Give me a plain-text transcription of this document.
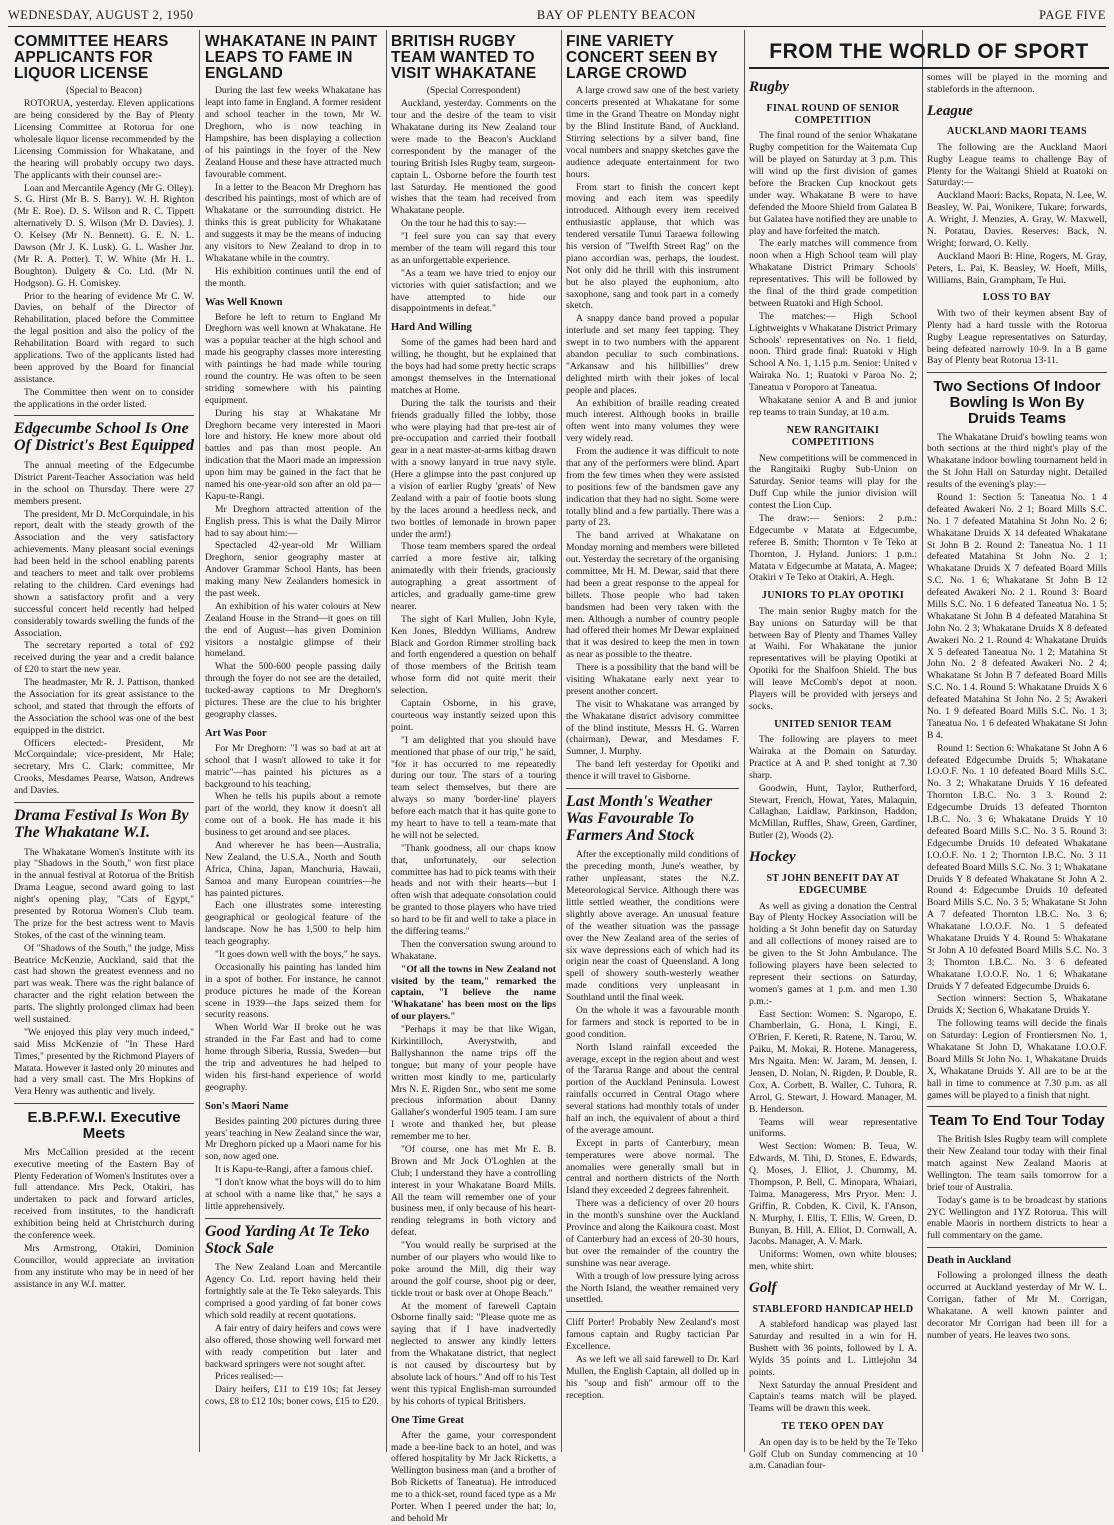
WEDNESDAY, AUGUST 2, 1950	BAY OF PLENTY BEACON	PAGE FIVE
COMMITTEE HEARS APPLICANTS FOR LIQUOR LICENSE

(Special to Beacon)

ROTORUA, yesterday. Eleven applications are being considered by the Bay of Plenty Licensing Committee at Rotorua for one wholesale liquor license recommended by the Licensing Commission for Whakatane, and the hearing will probably occupy two days. The applicants with their counsel are:-

Loan and Mercantile Agency (Mr G. Olley). S. G. Hirst (Mr B. S. Barry). W. H. Righton (Mr E. Roe). D. S. Wilson and R. C. Tippett alternatively D. S. Wilson (Mr D. Davies). J. O. Kelsey (Mr N. Bennett). G. E. N. L. Dawson (Mr J. K. Lusk). G. L. Washer Jnr. (Mr R. A. Potter). T. W. White (Mr H. L. Boughton). Dulgety & Co. Ltd. (Mr N. Hodgson). G. H. Comiskey.

Prior to the hearing of evidence Mr C. W. Davies, on behalf of the Director of Rehabilitation, placed before the Committee the legal position and also the policy of the Rehabilitation Board with regard to such applications. Two of the applicants listed had been approved by the Board for financial assistance.

The Committee then went on to consider the applications in the order listed.

Edgecumbe School Is One Of District's Best Equipped

The annual meeting of the Edgecumbe District Parent-Teacher Association was held in the school on Thursday. There were 27 members present.

The president, Mr D. McCorquindale, in his report, dealt with the steady growth of the Association and the very satisfactory achievements. Many pleasant social evenings had been held in the school enabling parents and teachers to meet and talk over problems relating to the children. Card evenings had shown a satisfactory profit and a very successful concert held recently had helped considerably towards swelling the funds of the Association.

The secretary reported a total of £92 received during the year and a credit balance of £20 to start the new year.

The headmaster, Mr R. J. Pattison, thanked the Association for its great assistance to the school, and stated that through the efforts of the Association the school was one of the best equipped in the district.

Officers elected:- President, Mr McCorquindale; vice-president, Mr Hale; secretary, Mrs C. Clark; committee, Mr Crooks, Mesdames Pearse, Watson, Andrews and Davies.

Drama Festival Is Won By The Whakatane W.I.

The Whakatane Women's Institute with its play "Shadows in the South," won first place in the annual festival at Rotorua of the British Drama League, second award going to last night's opening play, "Cats of Egypt," presented by Rotorua Women's Club team. The prize for the best actress went to Mavis Stokes, of the cast of the winning team.

Of "Shadows of the South," the judge, Miss Beatrice McKenzie, Auckland, said that the cast had shown the greatest evenness and no part was weak. There was the right balance of character and the right relation between the parts. The slightly prolonged climax had been well sustained.

"We enjoyed this play very much indeed," said Miss McKenzie of "In These Hard Times," presented by the Richmond Players of Matata. However it lasted only 20 minutes and had a very small cast. The Mrs Hopkins of Vera Henry was authentic and lively.

E.B.P.F.W.I. Executive Meets

Mrs McCallion presided at the recent executive meeting of the Eastern Bay of Plenty Federation of Women's Institutes over a full attendance. Mrs Peck, Otakiri, has undertaken to pack and forward articles, received from institutes, to the handicraft exhibition being held at Christchurch during the conference week.

Mrs Armstrong, Otakiri, Dominion Councillor, would appreciate an invitation from any institute who may be in need of her assistance in any W.I. matter.

WHAKATANE IN PAINT LEAPS TO FAME IN ENGLAND

During the last few weeks Whakatane has leapt into fame in England. A former resident and school teacher in the town, Mr W. Dreghorn, who is now teaching in Hampshire, has been displaying a collection of his paintings in the foyer of the New Zealand House and these have attracted much favourable comment.

In a letter to the Beacon Mr Dreghorn has described his paintings, most of which are of Whakatane or the surrounding district. He thinks this is great publicity for Whakatane and suggests it may be the means of inducing any visitors to New Zealand to drop in to Whakatane while in the country.

His exhibition continues until the end of the month.

Was Well Known

Before he left to return to England Mr Dreghorn was well known at Whakatane. He was a popular teacher at the high school and made his geography classes more interesting with paintings he had made while touring round the country. He was often to be seen striding somewhere with his painting equipment.

During his stay at Whakatane Mr Dreghorn became very interested in Maori lore and history. He knew more about old battles and pas than most people. An indication that the Maori made an impression upon him may be gained in the fact that he named his one-year-old son after an old pa—Kapu-te-Rangi.

Mr Dreghorn attracted attention of the English press. This is what the Daily Mirror had to say about him:—

Spectacled 42-year-old Mr William Dreghorn, senior geography master at Andover Grammar School Hants, has been making many New Zealanders homesick in the past week.

An exhibition of his water colours at New Zealand House in the Strand—it goes on till the end of August—has given Dominion visitors a nostalgic glimpse of their homeland.

What the 500-600 people passing daily through the foyer do not see are the detailed, tucked-away captions to Mr Dreghorn's pictures. These are the clue to his brighter geography classes.

Art Was Poor

For Mr Dreghorn: "I was so bad at art at school that I wasn't allowed to take it for matric"—has painted his pictures as a background to his teaching.

When he tells his pupils about a remote part of the world, they know it doesn't all come out of a book. He has made it his business to get around and see places.

And wherever he has been—Australia, New Zealand, the U.S.A., North and South Africa, China, Japan, Manchuria, Hawaii, Samoa and many European countries—he has painted pictures.

Each one illustrates some interesting geographical or geological feature of the landscape. Now he has 1,500 to help him teach geography.

"It goes down well with the boys," he says.

Occasionally his painting has landed him in a spot of bother. For instance, he cannot produce pictures he made of the Korean scene in 1939—the Japs seized them for security reasons.

When World War II broke out he was stranded in the Far East and had to come home through Siberia, Russia, Sweden—but the trip and adventures he had helped to widen his first-hand experience of world geography.

Son's Maori Name

Besides painting 200 pictures during three years' teaching in New Zealand since the war, Mr Dreghorn picked up a Maori name for his son, now aged one.

It is Kapu-te-Rangi, after a famous chief.

"I don't know what the boys will do to him at school with a name like that," he says a little apprehensively.

Good Yarding At Te Teko Stock Sale

The New Zealand Loan and Mercantile Agency Co. Ltd. report having held their fortnightly sale at the Te Teko saleyards. This comprised a good yarding of fat boner cows which sold readily at recent quotations.

A fair entry of dairy heifers and cows were also offered, those showing well forward met with ready competition but later and backward springers were not sought after.

Prices realised:—

Dairy heifers, £11 to £19 10s; fat Jersey cows, £8 to £12 10s; boner cows, £15 to £20.

BRITISH RUGBY TEAM WANTED TO VISIT WHAKATANE

(Special Correspondent)

Auckland, yesterday. Comments on the tour and the desire of the team to visit Whakatane during its New Zealand tour were made to the Beacon's Auckland correspondent by the manager of the touring British Isles Rugby team, surgeon-captain L. Osborne before the fourth test last Saturday. He mentioned the good wishes that the team had received from Whakatane people.

On the tour he had this to say:—

"I feel sure you can say that every member of the team will regard this tour as an unforgettable experience.

"As a team we have tried to enjoy our victories with quiet satisfaction; and we have attempted to hide our disappointments in defeat."

Hard And Willing

Some of the games had been hard and willing, he thought, but he explained that the boys had had some pretty hectic scraps amongst themselves in the International matches at Home.

During the talk the tourists and their friends gradually filled the lobby, those who were playing had that pre-test air of pre-occupation and carried their football gear in a neat master-at-arms kitbag drawn with a snowy lanyard in true navy style. (Here a glimpse into the past conjured up a vision of earlier Rugby 'greats' of New Zealand with a pair of footie boots slung by the laces around a heedless neck, and two bottles of lemonade in brown paper under the arm!)

Those team members spared the ordeal carried a more festive air, talking animatedly with their friends, graciously autographing a great assortment of articles, and gradually game-time grew nearer.

The sight of Karl Mullen, John Kyle, Ken Jones, Bleddyn Williams, Andrew Black and Gordon Rimmer strolling back and forth engendered a question on behalf of those members of the British team whose form did not quite merit their selection.

Captain Osborne, in his grave, courteous way instantly seized upon this point.

"I am delighted that you should have mentioned that phase of our trip," he said, "for it has occurred to me repeatedly during our tour. The stars of a touring team select themselves, but there are always so many 'border-line' players before each match that it has quite gone to my heart to have to tell a team-mate that he will not be selected.

"Thank goodness, all our chaps know that, unfortunately, our selection committee has had to pick teams with their heads and not with their hearts—but I often wish that adequate consolation could be granted to those players who have tried so hard to be fit and well to take a place in the differing teams."

Then the conversation swung around to Whakatane.

"Of all the towns in New Zealand not visited by the team," remarked the captain, "I believe the name 'Whakatane' has been most on the lips of our players."

"Perhaps it may be that like Wigan, Kirkintilloch, Averystwith, and Ballyshannon the name trips off the tongue; but many of your people have written most kindly to me, particularly Mrs N. E. Rigden Snr., who sent me some precious information about Danny Gallaher's wonderful 1905 team. I am sure I wrote and thanked her, but please remember me to her.

"Of course, one has met Mr E. B. Brown and Mr Jock O'Loghlen at the Club; I understand they have a controlling interest in your Whakatane Board Mills. All the team will remember one of your business men, if only because of his heart-rending telegrams in both victory and defeat.

"You would really be surprised at the number of our players who would like to poke around the Mill, dig their way around the golf course, shoot pig or deer, tickle trout or bask over at Ohope Beach."

At the moment of farewell Captain Osborne finally said: "Please quote me as saying that if I have inadvertedly neglected to answer any kindly letters from the Whakatane district, that neglect is not caused by discourtesy but by absolute lack of hours." And off to his Test went this typical English-man surrounded by his cohorts of typical Britishers.

One Time Great

After the game, your correspondent made a bee-line back to an hotel, and was offered hospitality by Mr Jack Ricketts, a Wellington business man (and a brother of Bob Ricketts of Taneatua). He introduced me to a thick-set, round faced type as a Mr Porter. When I peered under the hat; lo, and behold Mr

FINE VARIETY CONCERT SEEN BY LARGE CROWD

A large crowd saw one of the best variety concerts presented at Whakatane for some time in the Grand Theatre on Monday night by the Blind Institute Band, of Auckland. Stirring selections by a silver band, fine vocal numbers and snappy sketches gave the audience adequate entertainment for two hours.

From start to finish the concert kept moving and each item was speedily introduced. Although every item received enthusiastic applause, that which was tendered versatile Tunui Taraewa following his version of "Twelfth Street Rag" on the piano accordian was, perhaps, the loudest. Not only did he thrill with this instrument but he also played the euphonium, alto saxophone, sang and took part in a comedy sketch.

A snappy dance band proved a popular interlude and set many feet tapping. They swept in to two numbers with the apparent abandon peculiar to such combinations. "Arkansaw and his hillbillies" drew delighted mirth with their jokes of local people and places.

An exhibition of braille reading created much interest. Although books in braille often went into many volumes they were very widely read.

From the audience it was difficult to note that any of the performers were blind. Apart from the few times when they were assisted to positions few of the bandsmen gave any indication that they had no sight. Some were totally blind and a few partially. There was a party of 23.

The band arrived at Whakatane on Monday morning and members were billeted out. Yesterday the secretary of the organising committee, Mr H. M. Dewar, said that there had been a great response to the appeal for billets. Those people who had taken bandsmen had been very taken with the men. Although a number of country people had offered their homes Mr Dewar explained that it was desired to keep the men in town as near as possible to the theatre.

There is a possibility that the band will be visiting Whakatane early next year to present another concert.

The visit to Whakatane was arranged by the Whakatane district advisory committee of the blind institute, Messrs H. G. Warren (chairman), Dewar, and Mesdames F. Sumner, J. Murphy.

The band left yesterday for Opotiki and thence it will travel to Gisborne.

Last Month's Weather Was Favourable To Farmers And Stock

After the exceptionally mild conditions of the preceding month, June's weather, by rather unpleasant, states the N.Z. Meteorological Service. Although there was little settled weather, the conditions were slightly above average. An unusual feature of the weather situation was the passage over the New Zealand area of the series of six wave depressions each of which had its origin near the coast of Queensland. A long spell of showery south-westerly weather made conditions very unpleasant in Southland until the final week.

On the whole it was a favourable month for farmers and stock is reported to be in good condition.

North Island rainfall exceeded the average, except in the region about and west of the Tararua Range and about the central portion of the Auckland Peninsula. Lowest rainfalls occurred in Central Otago where several stations had monthly totals of under half an inch, the equivalent of about a third of the average amount.

Except in parts of Canterbury, mean temperatures were above normal. The anomalies were generally small but in central and northern districts of the North Island they exceeded 2 degrees fahrenheit.

There was a deficiency of over 20 hours in the month's sunshine over the Auckland Province and along the Kaikoura coast. Most of Canterbury had an excess of 20-30 hours, but over the remainder of the country the sunshine was near average.

With a trough of low pressure lying across the North Island, the weather remained very unsettled.

Cliff Porter! Probably New Zealand's most famous captain and Rugby tactician Par Excellence.

As we left we all said farewell to Dr. Karl Mullen, the English Captain, all dolled up in his "soup and fish" armour off to the reception.

FROM THE WORLD OF SPORT
Rugby
FINAL ROUND OF SENIOR COMPETITION

The final round of the senior Whakatane Rugby competition for the Waitemata Cup will be played on Saturday at 3 p.m. This will wind up the first division of games before the Bracken Cup knockout gets under way. Whakatane B were to have defended the Moore Shield from Galatea B but Galatea have notified they are unable to play and have forfeited the match.

The early matches will commence from noon when a High School team will play Whakatane District Primary Schools' representatives. This will be followed by the final of the third grade competition between Ruatoki and High School.

The matches:— High School Lightweights v Whakatane District Primary Schools' representatives on No. 1 field, noon. Third grade final: Ruatoki v High School A No. 1, 1.15 p.m. Senior: United v Wairaka No. 1; Ruatoki v Paroa No. 2; Taneatua v Poroporo at Taneatua.

Whakatane senior A and B and junior rep teams to train Sunday, at 10 a.m.

NEW RANGITAIKI COMPETITIONS

New competitions will be commenced in the Rangitaiki Rugby Sub-Union on Saturday. Senior teams will play for the Duff Cup while the junior division will contest the Lion Cup.

The draw:— Seniors: 2 p.m.: Edgecumbe v Matata at Edgecumbe, referee B. Smith; Thornton v Te Teko at Thornton, J. Hyland. Juniors: 1 p.m.: Matata v Edgecumbe at Matata, A. Magee; Otakiri v Te Teko at Otakiri, A. Hegh.

JUNIORS TO PLAY OPOTIKI

The main senior Rugby match for the Bay unions on Saturday will be that between Bay of Plenty and Thames Valley at Waihi. For Whakatane the junior representatives will be playing Opotiki at Opotiki for the Shalfoon Shield. The bus will leave McComb's depot at noon. Players will be provided with jerseys and socks.

UNITED SENIOR TEAM

The following are players to meet Wairaka at the Domain on Saturday. Practice at A and P. shed tonight at 7.30 sharp.

Goodwin, Hunt, Taylor, Rutherford, Stewart, French, Howat, Yates, Malaquin, Callaghan, Laidlaw, Parkinson, Haddon, McMillan, Ruffles, Shaw, Green, Gardiner, Butler (2), Woods (2).

Hockey
ST JOHN BENEFIT DAY AT EDGECUMBE

As well as giving a donation the Central Bay of Plenty Hockey Association will be holding a St John benefit day on Saturday and all collections of money raised are to be given to the St John Ambulance. The following players have been selected to represent their sections on Saturday, women's games at 1 p.m. and men 1.30 p.m.:-

East Section: Women: S. Ngaropo, E. Chamberlain, G. Hona, I. Kingi, E. O'Brien, F. Kereti, R. Ratene, N. Tarou, W. Paiku, M. Mokai, R. Hotene. Manageress, Mrs Ngaita. Men: W. Jaram, M. Jensen, I. Jensen, D. Nolan, N. Rigden, P. Double, R. Cox, A. Corbett, B. Waller, C. Tuhora, R. Arrol, G. Stewart, J. Howard. Manager, M. B. Henderson.

Teams will wear representative uniforms.

West Section: Women: B. Teua, W. Edwards, M. Tihi, D. Stones, E. Edwards, Q. Moses, J. Elliot, J. Chummy, M. Thompson, P. Bell, C. Minopara, Whaiari, Taima. Manageress, Mrs Pryor. Men: J. Griffin, R. Cobden, K. Civil, K. I'Anson, N. Murphy, I. Ellis, T. Ellis, W. Green, D. Bunyan, B. Hill, A. Elliot, D. Cornwall, A. Jacobs. Manager, A. V. Mark.

Uniforms: Women, own white blouses; men, white shirt.

Golf
STABLEFORD HANDICAP HELD

A stableford handicap was played last Saturday and resulted in a win for H. Bushett with 36 points, followed by I. A. Wylds 35 points and L. Littlejohn 34 points.

Next Saturday the annual President and Captain's teams match will be played. Teams will be drawn this week.

TE TEKO OPEN DAY

An open day is to be held by the Te Teko Golf Club on Sunday commencing at 10 a.m. Canadian four-

somes will be played in the morning and stablefords in the afternoon.

League
AUCKLAND MAORI TEAMS

The following are the Auckland Maori Rugby League teams to challenge Bay of Plenty for the Waitangi Shield at Ruatoki on Saturday:—

Auckland Maori: Backs, Ropata, N. Lee, W. Beasley, W. Pai, Wonikere, Tukare; forwards, A. Wright, J. Menzies, A. Gray, W. Maxwell, N. Potatau, Davies. Reserves: Back, N. Wright; forward, O. Kelly.

Auckland Maori B: Hine, Rogers, M. Gray, Peters, L. Pai, K. Beasley, W. Hoeft, Mills, Williams, Bain, Grampham, Te Hui.

LOSS TO BAY

With two of their keymen absent Bay of Plenty had a hard tussle with the Rotorua Rugby League representatives on Saturday, being defeated narrowly 10-9. In a B game Bay of Plenty beat Rotorua 13-11.

Two Sections Of Indoor Bowling Is Won By Druids Teams

The Whakatane Druid's bowling teams won both sections at the third night's play of the Whakatane indoor bowling tournament held in the St John Hall on Saturday night. Detailed results of the evening's play:—

Round 1: Section 5: Taneatua No. 1 4 defeated Awakeri No. 2 1; Board Mills S.C. No. 1 7 defeated Matahina St John No. 2 6; Whakatane Druids X 14 defeated Whakatane St John B 2. Round 2: Taneatua No. 1 11 defeated Matahina St John No. 2 1; Whakatane Druids X 7 defeated Board Mills S.C. No. 1 6; Whakatane St John B 12 defeated Awakeri No. 2 1. Round 3: Board Mills S.C. No. 1 6 defeated Taneatua No. 1 5; Whakatane St John B 4 defeated Matahina St John No. 2 3; Whakatane Druids X 8 defeated Awakeri No. 2 1. Round 4: Whakatane Druids X 5 defeated Taneatua No. 1 2; Matahina St John No. 2 8 defeated Awakeri No. 2 4; Whakatane St John B 7 defeated Board Mills S.C. No. 1 4. Round 5: Whakatane Druids X 6 defeated Matahina St John No. 2 5; Awakeri No. 1 9 defeated Board Mills S.C. No. 1 3; Taneatua No. 1 6 defeated Whakatane St John B 4.

Round 1: Section 6: Whakatane St John A 6 defeated Edgecumbe Druids 5; Whakatane I.O.O.F. No. 1 10 defeated Board Mills S.C. No. 3 2; Whakatane Druids Y 16 defeated Thornton I.B.C. No. 3 3. Round 2: Edgecumbe Druids 13 defeated Thornton I.B.C. No. 3 6; Whakatane Druids Y 10 defeated Board Mills S.C. No. 3 5. Round 3: Edgecumbe Druids 10 defeated Whakatane I.O.O.F. No. 1 2; Thornton I.B.C. No. 3 11 defeated Board Mills S.C. No. 3 1; Whakatane Druids Y 8 defeated Whakatane St John A 2. Round 4: Edgecumbe Druids 10 defeated Board Mills S.C. No. 3 5; Whakatane St John A 7 defeated Thornton I.B.C. No. 3 6; Whakatane I.O.O.F. No. 1 5 defeated Whakatane Druids Y 4. Round 5: Whakatane St John A 10 defeated Board Mills S.C. No. 3 3; Thornton I.B.C. No. 3 6 defeated Whakatane I.O.O.F. No. 1 6; Whakatane Druids Y 7 defeated Edgecumbe Druids 6.

Section winners: Section 5, Whakatane Druids X; Section 6, Whakatane Druids Y.

The following teams will decide the finals on Saturday: Legion of Frontiersmen No. 1, Whakatane St John D, Whakatane I.O.O.F. Board Mills St John No. 1, Whakatane Druids X, Whakatane Druids Y. All are to be at the hall in time to commence at 7.30 p.m. as all games will be played to a finish that night.

Team To End Tour Today

The British Isles Rugby team will complete their New Zealand tour today with their final match against New Zealand Maoris at Wellington. The team sails tomorrow for a brief tour of Australia.

Today's game is to be broadcast by stations 2YC Wellington and 1YZ Rotorua. This will enable Maoris in northern districts to hear a full commentary on the game.

Death in Auckland

Following a prolonged illness the death occurred at Auckland yesterday of Mr W. L. Corrigan, father of Mr M. Corrigan, Whakatane. A well known painter and decorator Mr Corrigan had been ill for a number of years. He leaves two sons.
